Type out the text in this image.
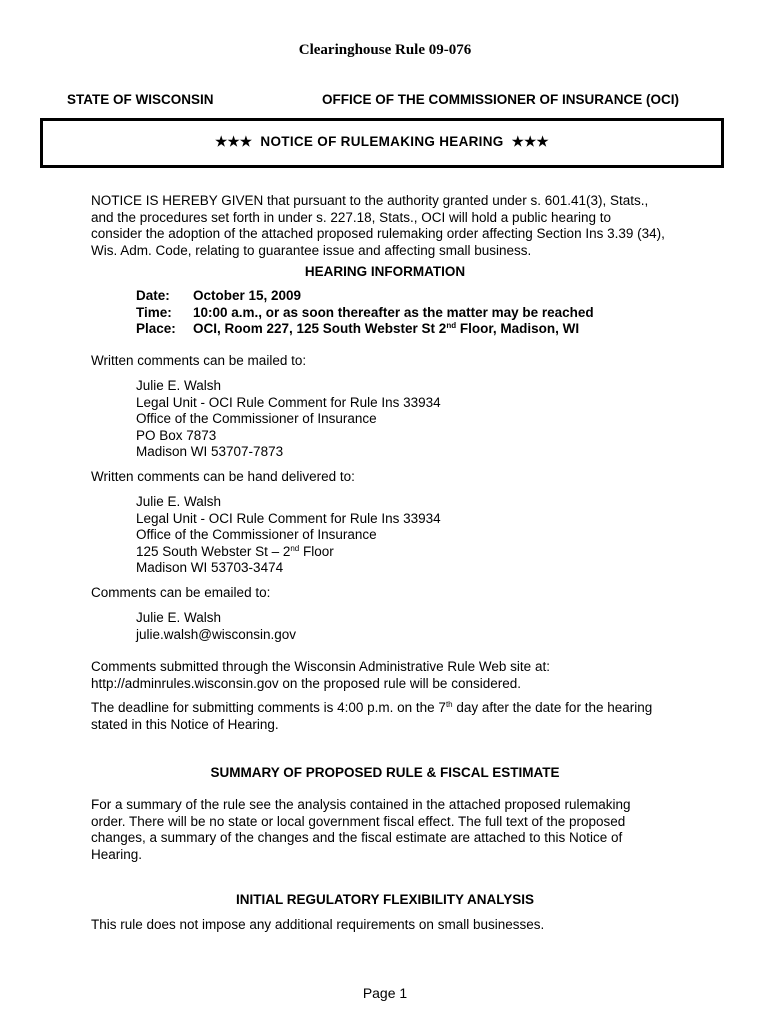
Clearinghouse Rule 09-076
STATE OF WISCONSIN	OFFICE OF THE COMMISSIONER OF INSURANCE (OCI)
★★★ NOTICE OF RULEMAKING HEARING ★★★
NOTICE IS HEREBY GIVEN that pursuant to the authority granted under s. 601.41(3), Stats.,
and the procedures set forth in under s. 227.18, Stats., OCI will hold a public hearing to
consider the adoption of the attached proposed rulemaking order affecting Section Ins 3.39 (34),
Wis. Adm. Code, relating to guarantee issue and affecting small business.
HEARING INFORMATION
Date: October 15, 2009
Time: 10:00 a.m., or as soon thereafter as the matter may be reached
Place: OCI, Room 227, 125 South Webster St 2nd Floor, Madison, WI
Written comments can be mailed to:
Julie E. Walsh
Legal Unit - OCI Rule Comment for Rule Ins 33934
Office of the Commissioner of Insurance
PO Box 7873
Madison WI 53707-7873
Written comments can be hand delivered to:
Julie E. Walsh
Legal Unit - OCI Rule Comment for Rule Ins 33934
Office of the Commissioner of Insurance
125 South Webster St – 2nd Floor
Madison WI 53703-3474
Comments can be emailed to:
Julie E. Walsh
julie.walsh@wisconsin.gov
Comments submitted through the Wisconsin Administrative Rule Web site at:
http://adminrules.wisconsin.gov on the proposed rule will be considered.
The deadline for submitting comments is 4:00 p.m. on the 7th day after the date for the hearing
stated in this Notice of Hearing.
SUMMARY OF PROPOSED RULE & FISCAL ESTIMATE
For a summary of the rule see the analysis contained in the attached proposed rulemaking
order. There will be no state or local government fiscal effect. The full text of the proposed
changes, a summary of the changes and the fiscal estimate are attached to this Notice of
Hearing.
INITIAL REGULATORY FLEXIBILITY ANALYSIS
This rule does not impose any additional requirements on small businesses.
Page 1
